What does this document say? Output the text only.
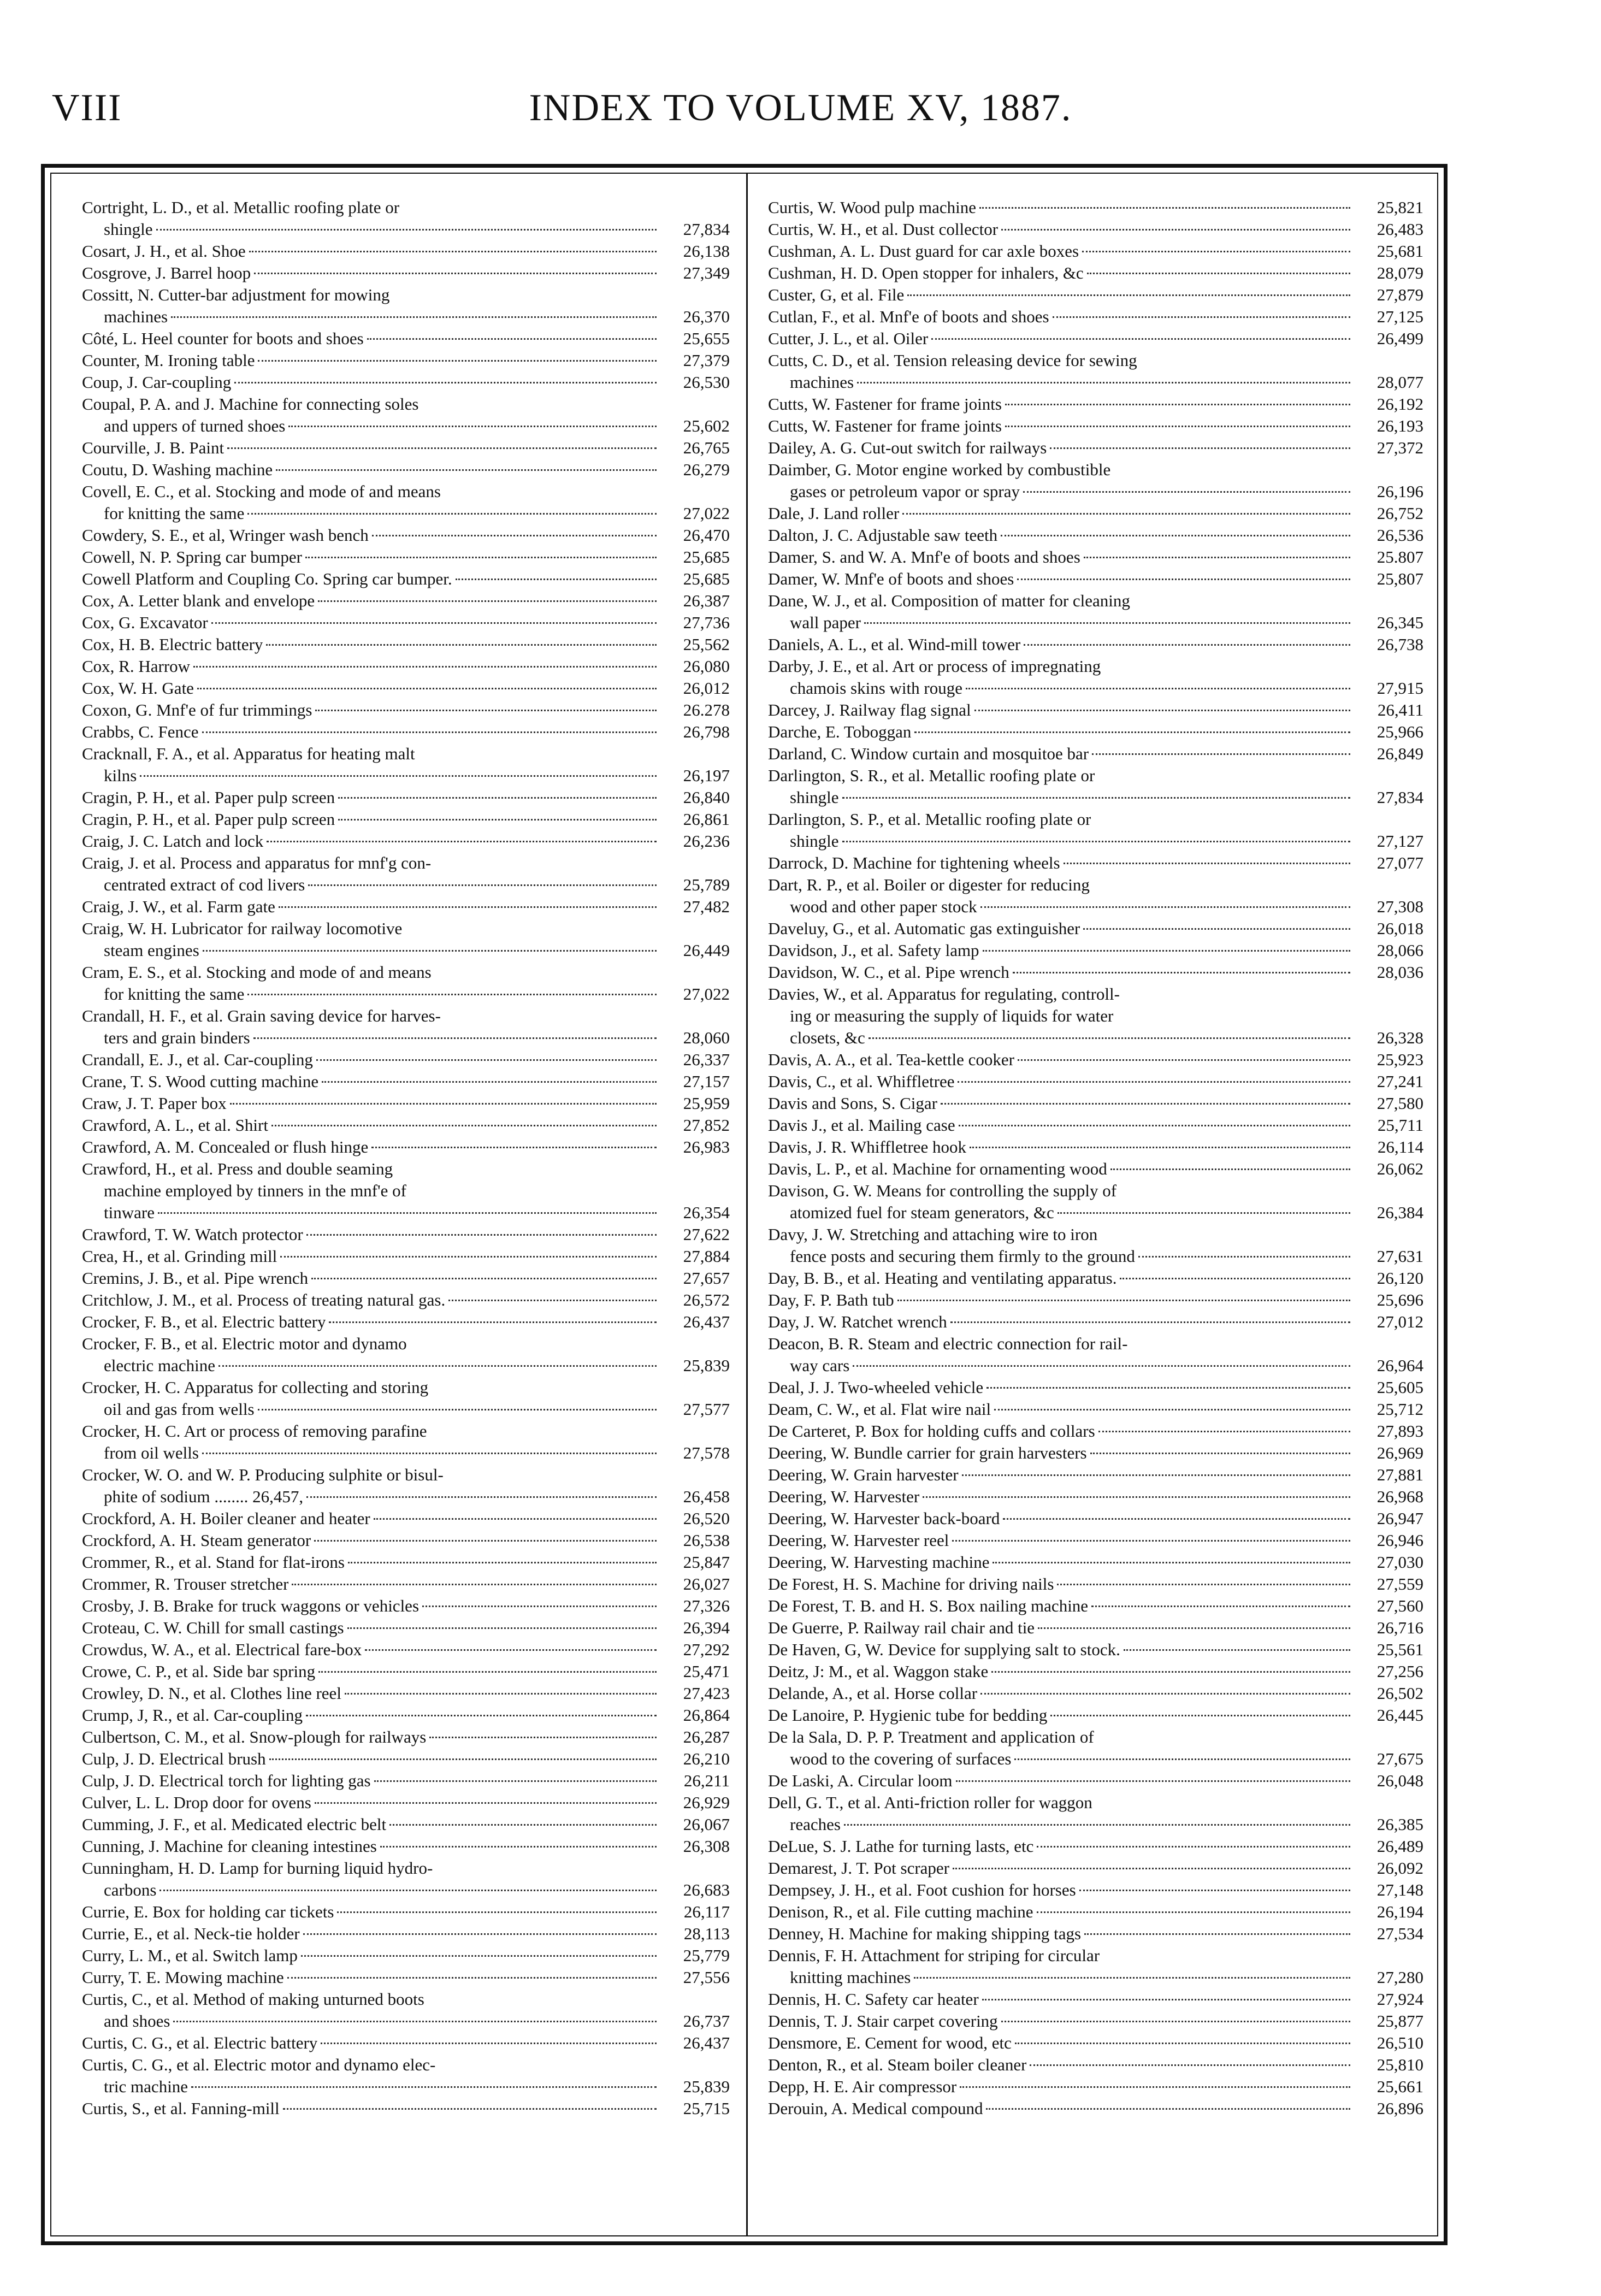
VIII	INDEX TO VOLUME XV, 1887.
Cortright, L. D., et al. Metallic roofing plate or
shingle	27,834
Cosart, J. H., et al. Shoe	26,138
Cosgrove, J. Barrel hoop	27,349
Cossitt, N. Cutter-bar adjustment for mowing
machines	26,370
Côté, L. Heel counter for boots and shoes	25,655
Counter, M. Ironing table	27,379
Coup, J. Car-coupling	26,530
Coupal, P. A. and J. Machine for connecting soles
and uppers of turned shoes	25,602
Courville, J. B. Paint	26,765
Coutu, D. Washing machine	26,279
Covell, E. C., et al. Stocking and mode of and means
for knitting the same	27,022
Cowdery, S. E., et al, Wringer wash bench	26,470
Cowell, N. P. Spring car bumper	25,685
Cowell Platform and Coupling Co. Spring car bumper.	25,685
Cox, A. Letter blank and envelope	26,387
Cox, G. Excavator	27,736
Cox, H. B. Electric battery	25,562
Cox, R. Harrow	26,080
Cox, W. H. Gate	26,012
Coxon, G. Mnf'e of fur trimmings	26.278
Crabbs, C. Fence	26,798
Cracknall, F. A., et al. Apparatus for heating malt
kilns	26,197
Cragin, P. H., et al. Paper pulp screen	26,840
Cragin, P. H., et al. Paper pulp screen	26,861
Craig, J. C. Latch and lock	26,236
Craig, J. et al. Process and apparatus for mnf'g con-
centrated extract of cod livers	25,789
Craig, J. W., et al. Farm gate	27,482
Craig, W. H. Lubricator for railway locomotive
steam engines	26,449
Cram, E. S., et al. Stocking and mode of and means
for knitting the same	27,022
Crandall, H. F., et al. Grain saving device for harves-
ters and grain binders	28,060
Crandall, E. J., et al. Car-coupling	26,337
Crane, T. S. Wood cutting machine	27,157
Craw, J. T. Paper box	25,959
Crawford, A. L., et al. Shirt	27,852
Crawford, A. M. Concealed or flush hinge	26,983
Crawford, H., et al. Press and double seaming
machine employed by tinners in the mnf'e of
tinware	26,354
Crawford, T. W. Watch protector	27,622
Crea, H., et al. Grinding mill	27,884
Cremins, J. B., et al. Pipe wrench	27,657
Critchlow, J. M., et al. Process of treating natural gas.	26,572
Crocker, F. B., et al. Electric battery	26,437
Crocker, F. B., et al. Electric motor and dynamo
electric machine	25,839
Crocker, H. C. Apparatus for collecting and storing
oil and gas from wells	27,577
Crocker, H. C. Art or process of removing parafine
from oil wells	27,578
Crocker, W. O. and W. P. Producing sulphite or bisul-
phite of sodium ........ 26,457,	26,458
Crockford, A. H. Boiler cleaner and heater	26,520
Crockford, A. H. Steam generator	26,538
Crommer, R., et al. Stand for flat-irons	25,847
Crommer, R. Trouser stretcher	26,027
Crosby, J. B. Brake for truck waggons or vehicles	27,326
Croteau, C. W. Chill for small castings	26,394
Crowdus, W. A., et al. Electrical fare-box	27,292
Crowe, C. P., et al. Side bar spring	25,471
Crowley, D. N., et al. Clothes line reel	27,423
Crump, J, R., et al. Car-coupling	26,864
Culbertson, C. M., et al. Snow-plough for railways	26,287
Culp, J. D. Electrical brush	26,210
Culp, J. D. Electrical torch for lighting gas	26,211
Culver, L. L. Drop door for ovens	26,929
Cumming, J. F., et al. Medicated electric belt	26,067
Cunning, J. Machine for cleaning intestines	26,308
Cunningham, H. D. Lamp for burning liquid hydro-
carbons	26,683
Currie, E. Box for holding car tickets	26,117
Currie, E., et al. Neck-tie holder	28,113
Curry, L. M., et al. Switch lamp	25,779
Curry, T. E. Mowing machine	27,556
Curtis, C., et al. Method of making unturned boots
and shoes	26,737
Curtis, C. G., et al. Electric battery	26,437
Curtis, C. G., et al. Electric motor and dynamo elec-
tric machine	25,839
Curtis, S., et al. Fanning-mill	25,715
Curtis, W. Wood pulp machine	25,821
Curtis, W. H., et al. Dust collector	26,483
Cushman, A. L. Dust guard for car axle boxes	25,681
Cushman, H. D. Open stopper for inhalers, &c	28,079
Custer, G, et al. File	27,879
Cutlan, F., et al. Mnf'e of boots and shoes	27,125
Cutter, J. L., et al. Oiler	26,499
Cutts, C. D., et al. Tension releasing device for sewing
machines	28,077
Cutts, W. Fastener for frame joints	26,192
Cutts, W. Fastener for frame joints	26,193
Dailey, A. G. Cut-out switch for railways	27,372
Daimber, G. Motor engine worked by combustible
gases or petroleum vapor or spray	26,196
Dale, J. Land roller	26,752
Dalton, J. C. Adjustable saw teeth	26,536
Damer, S. and W. A. Mnf'e of boots and shoes	25.807
Damer, W. Mnf'e of boots and shoes	25,807
Dane, W. J., et al. Composition of matter for cleaning
wall paper	26,345
Daniels, A. L., et al. Wind-mill tower	26,738
Darby, J. E., et al. Art or process of impregnating
chamois skins with rouge	27,915
Darcey, J. Railway flag signal	26,411
Darche, E. Toboggan	25,966
Darland, C. Window curtain and mosquitoe bar	26,849
Darlington, S. R., et al. Metallic roofing plate or
shingle	27,834
Darlington, S. P., et al. Metallic roofing plate or
shingle	27,127
Darrock, D. Machine for tightening wheels	27,077
Dart, R. P., et al. Boiler or digester for reducing
wood and other paper stock	27,308
Daveluy, G., et al. Automatic gas extinguisher	26,018
Davidson, J., et al. Safety lamp	28,066
Davidson, W. C., et al. Pipe wrench	28,036
Davies, W., et al. Apparatus for regulating, controll-
ing or measuring the supply of liquids for water
closets, &c	26,328
Davis, A. A., et al. Tea-kettle cooker	25,923
Davis, C., et al. Whiffletree	27,241
Davis and Sons, S. Cigar	27,580
Davis J., et al. Mailing case	25,711
Davis, J. R. Whiffletree hook	26,114
Davis, L. P., et al. Machine for ornamenting wood	26,062
Davison, G. W. Means for controlling the supply of
atomized fuel for steam generators, &c	26,384
Davy, J. W. Stretching and attaching wire to iron
fence posts and securing them firmly to the ground	27,631
Day, B. B., et al. Heating and ventilating apparatus.	26,120
Day, F. P. Bath tub	25,696
Day, J. W. Ratchet wrench	27,012
Deacon, B. R. Steam and electric connection for rail-
way cars	26,964
Deal, J. J. Two-wheeled vehicle	25,605
Deam, C. W., et al. Flat wire nail	25,712
De Carteret, P. Box for holding cuffs and collars	27,893
Deering, W. Bundle carrier for grain harvesters	26,969
Deering, W. Grain harvester	27,881
Deering, W. Harvester	26,968
Deering, W. Harvester back-board	26,947
Deering, W. Harvester reel	26,946
Deering, W. Harvesting machine	27,030
De Forest, H. S. Machine for driving nails	27,559
De Forest, T. B. and H. S. Box nailing machine	27,560
De Guerre, P. Railway rail chair and tie	26,716
De Haven, G, W. Device for supplying salt to stock.	25,561
Deitz, J: M., et al. Waggon stake	27,256
Delande, A., et al. Horse collar	26,502
De Lanoire, P. Hygienic tube for bedding	26,445
De la Sala, D. P. P. Treatment and application of
wood to the covering of surfaces	27,675
De Laski, A. Circular loom	26,048
Dell, G. T., et al. Anti-friction roller for waggon
reaches	26,385
DeLue, S. J. Lathe for turning lasts, etc	26,489
Demarest, J. T. Pot scraper	26,092
Dempsey, J. H., et al. Foot cushion for horses	27,148
Denison, R., et al. File cutting machine	26,194
Denney, H. Machine for making shipping tags	27,534
Dennis, F. H. Attachment for striping for circular
knitting machines	27,280
Dennis, H. C. Safety car heater	27,924
Dennis, T. J. Stair carpet covering	25,877
Densmore, E. Cement for wood, etc	26,510
Denton, R., et al. Steam boiler cleaner	25,810
Depp, H. E. Air compressor	25,661
Derouin, A. Medical compound	26,896
